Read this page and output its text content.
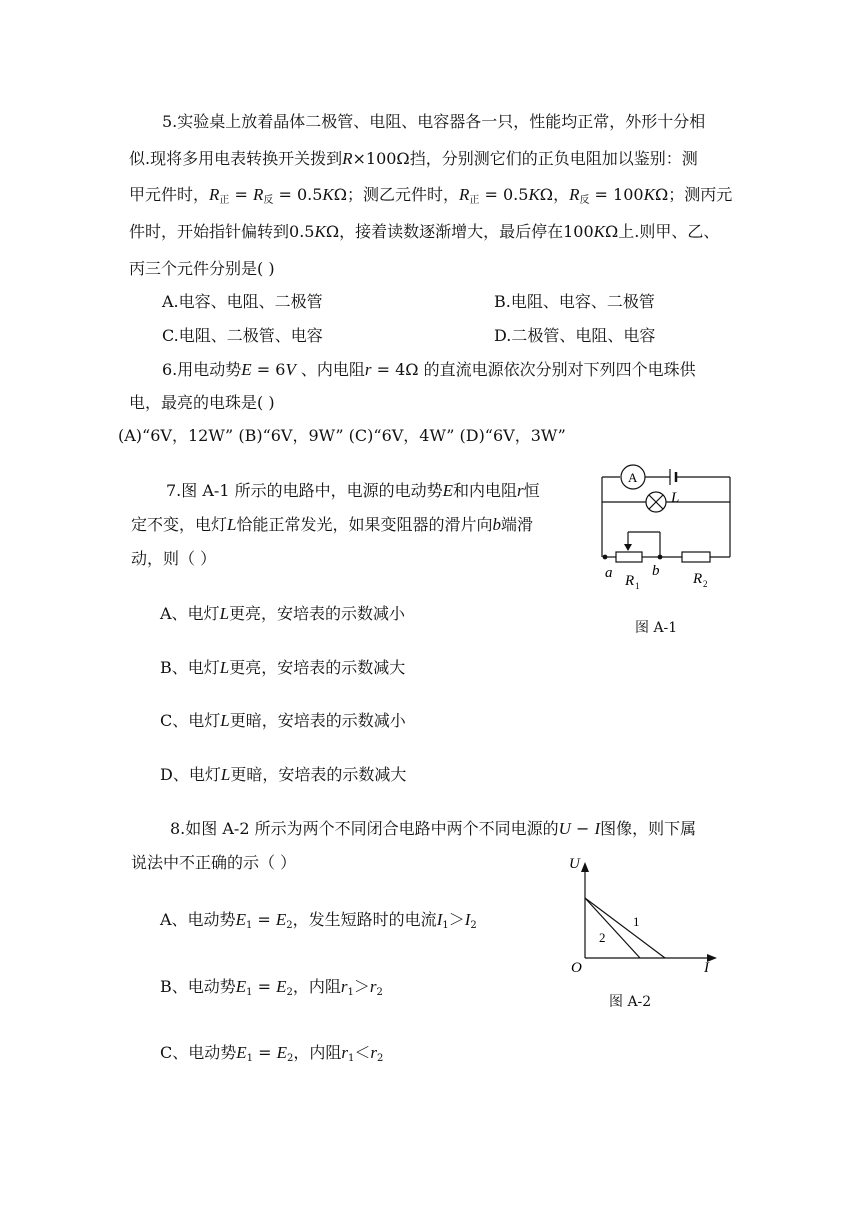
5.实验桌上放着晶体二极管、电阻、电容器各一只，性能均正常，外形十分相
似.现将多用电表转换开关拨到R×100Ω挡，分别测它们的正负电阻加以鉴别：测
甲元件时，$R_正 = R_反 = 0.5K\Omega$；测乙元件时，$R_正 = 0.5K\Omega$，$R_反 = 100K\Omega$；测丙元
件时，开始指针偏转到0.5KΩ，接着读数逐渐增大，最后停在100KΩ上.则甲、乙、
丙三个元件分别是( )
A.电容、电阻、二极管	B.电阻、电容、二极管
C.电阻、二极管、电容	D.二极管、电阻、电容
6.用电动势E = 6V 、内电阻r = 4Ω 的直流电源依次分别对下列四个电珠供
电，最亮的电珠是( )
(A)“6V，12W” (B)“6V，9W” (C)“6V，4W” (D)“6V，3W”
7.图 A-1 所示的电路中，电源的电动势E和内电阻r恒
定不变，电灯L恰能正常发光，如果变阻器的滑片向b端滑
动，则（ ）
A、电灯L更亮，安培表的示数减小
B、电灯L更亮，安培表的示数减大
C、电灯L更暗，安培表的示数减小
D、电灯L更暗，安培表的示数减大
A
L
a	b
R 1	R 2
图 A-1
8.如图 A-2 所示为两个不同闭合电路中两个不同电源的U − I图像，则下属
说法中不正确的示（ ）
A、电动势$E_1 = E_2$，发生短路时的电流$I_1>I_2$
B、电动势$E_1 = E_2$，内阻$r_1>r_2$
C、电动势$E_1 = E_2$，内阻$r_1<r_2$
U
I
O
1
2
图 A-2
